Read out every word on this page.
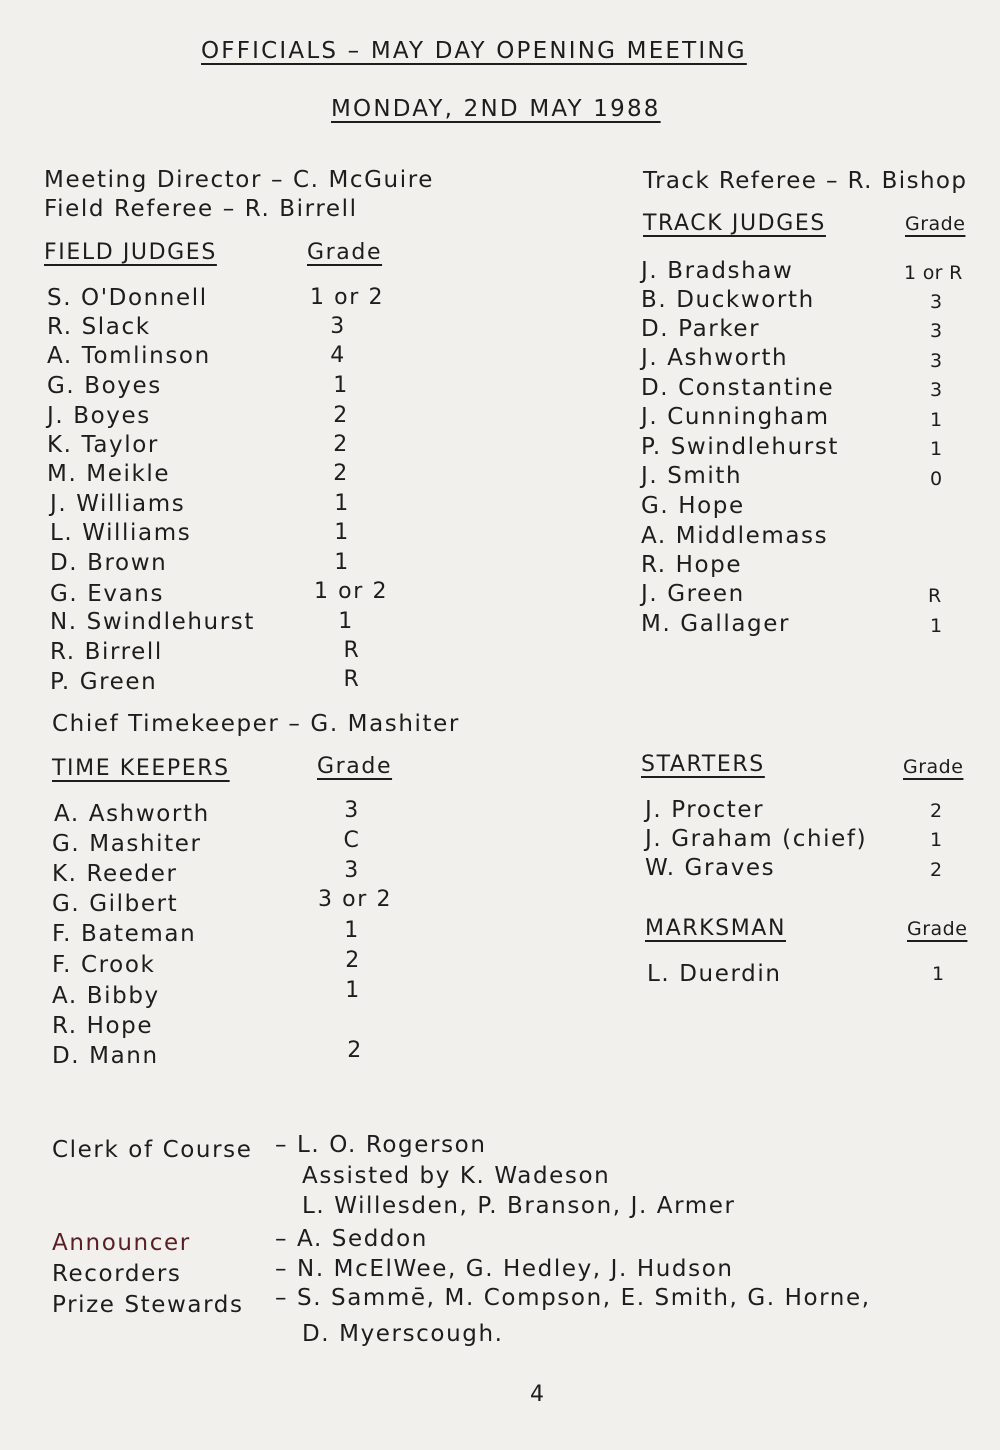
OFFICIALS – MAY DAY OPENING MEETING
MONDAY, 2ND MAY 1988
Meeting Director – C. McGuire
Field Referee – R. Birrell
FIELD JUDGES	Grade
S. O'Donnell	1 or 2
R. Slack	3
A. Tomlinson	4
G. Boyes	1
J. Boyes	2
K. Taylor	2
M. Meikle	2
J. Williams	1
L. Williams	1
D. Brown	1
G. Evans	1 or 2
N. Swindlehurst	1
R. Birrell	R
P. Green	R
Chief Timekeeper – G. Mashiter
TIME KEEPERS	Grade
A. Ashworth	3
G. Mashiter	C
K. Reeder	3
G. Gilbert	3 or 2
F. Bateman	1
F. Crook	2
A. Bibby	1
R. Hope
D. Mann	2
Track Referee – R. Bishop
TRACK JUDGES	Grade
J. Bradshaw	1 or R
B. Duckworth	3
D. Parker	3
J. Ashworth	3
D. Constantine	3
J. Cunningham	1
P. Swindlehurst	1
J. Smith	0
G. Hope
A. Middlemass
R. Hope
J. Green	R
M. Gallager	1
STARTERS	Grade
J. Procter	2
J. Graham (chief)	1
W. Graves	2
MARKSMAN	Grade
L. Duerdin	1
Clerk of Course – L. O. Rogerson
Assisted by K. Wadeson
L. Willesden, P. Branson, J. Armer
Announcer	– A. Seddon
Recorders	– N. McElWee, G. Hedley, J. Hudson
Prize Stewards – S. Sammē, M. Compson, E. Smith, G. Horne,
D. Myerscough.
4
